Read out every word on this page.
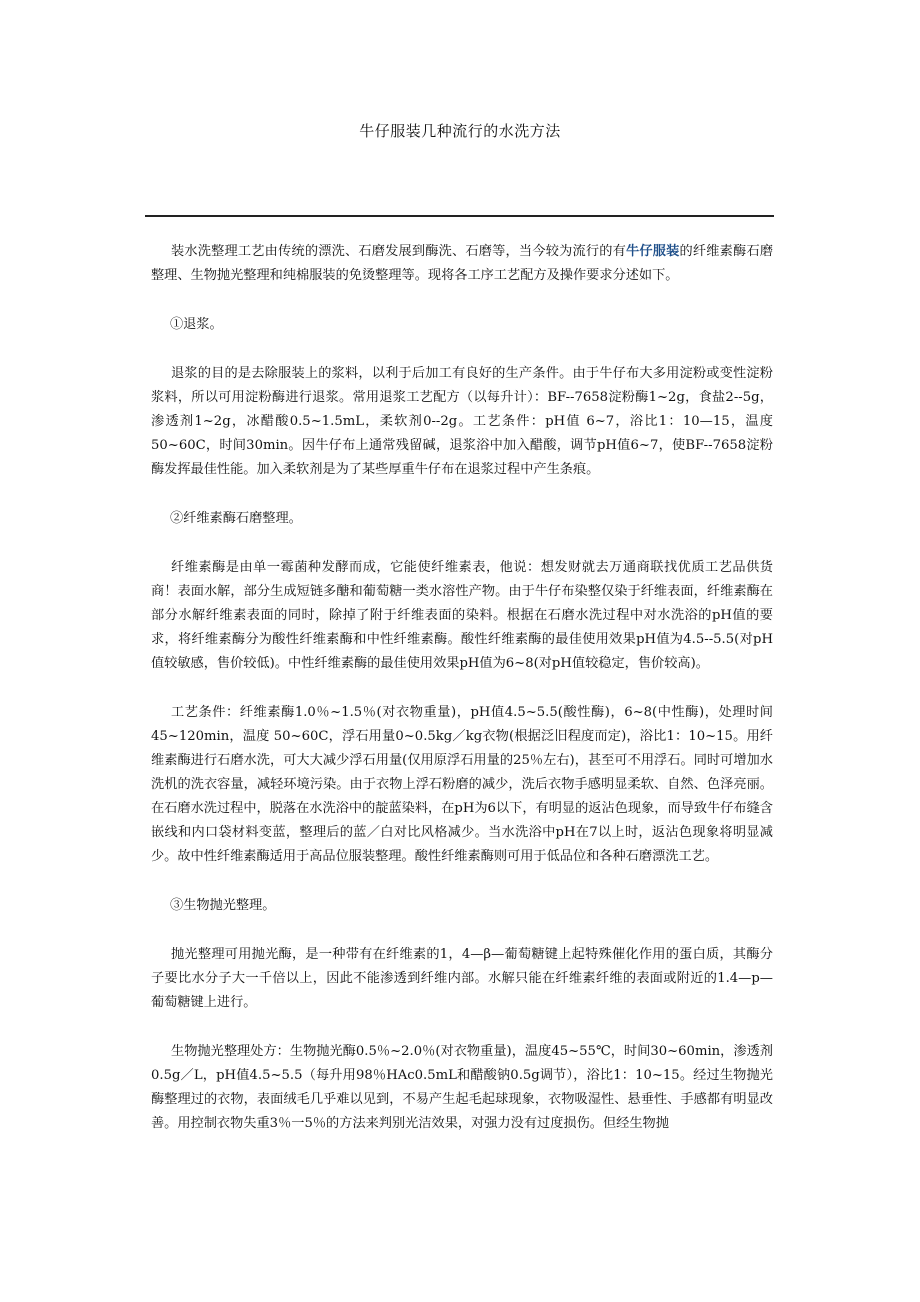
牛仔服装几种流行的水洗方法

装水洗整理工艺由传统的漂洗、石磨发展到酶洗、石磨等，当今较为流行的有牛仔服装的纤维素酶石磨整理、生物抛光整理和纯棉服装的免烫整理等。现将各工序工艺配方及操作要求分述如下。

①退浆。

退浆的目的是去除服装上的浆料，以利于后加工有良好的生产条件。由于牛仔布大多用淀粉或变性淀粉浆料，所以可用淀粉酶进行退浆。常用退浆工艺配方（以每升计）：BF--7658淀粉酶1~2g，食盐2--5g，渗透剂1~2g，冰醋酸0.5~1.5mL，柔软剂0--2g。工艺条件：pH值 6~7，浴比1：10—15，温度50~60C，时间30min。因牛仔布上通常残留碱，退浆浴中加入醋酸，调节pH值6~7，使BF--7658淀粉酶发挥最佳性能。加入柔软剂是为了某些厚重牛仔布在退浆过程中产生条痕。

②纤维素酶石磨整理。

纤维素酶是由单一霉菌种发酵而成，它能使纤维素表，他说：想发财就去万通商联找优质工艺品供货商！表面水解，部分生成短链多醣和葡萄糖一类水溶性产物。由于牛仔布染整仅染于纤维表面，纤维素酶在部分水解纤维素表面的同时，除掉了附于纤维表面的染料。根据在石磨水洗过程中对水洗浴的pH值的要求，将纤维素酶分为酸性纤维素酶和中性纤维素酶。酸性纤维素酶的最佳使用效果pH值为4.5--5.5(对pH值较敏感，售价较低)。中性纤维素酶的最佳使用效果pH值为6~8(对pH值较稳定，售价较高)。

工艺条件：纤维素酶1.0％~1.5％(对衣物重量)，pH值4.5~5.5(酸性酶)，6~8(中性酶)，处理时间45~120min，温度 50~60C，浮石用量0~0.5kg／kg衣物(根据泛旧程度而定)，浴比1：10~15。用纤维素酶进行石磨水洗，可大大减少浮石用量(仅用原浮石用量的25％左右)，甚至可不用浮石。同时可增加水洗机的洗衣容量，减轻环境污染。由于衣物上浮石粉磨的减少，洗后衣物手感明显柔软、自然、色泽亮丽。在石磨水洗过程中，脱落在水洗浴中的靛蓝染料，在pH为6以下，有明显的返沾色现象，而导致牛仔布缝含嵌线和内口袋材料变蓝，整理后的蓝／白对比风格减少。当水洗浴中pH在7以上时，返沾色现象将明显减少。故中性纤维素酶适用于高品位服装整理。酸性纤维素酶则可用于低品位和各种石磨漂洗工艺。

③生物抛光整理。

抛光整理可用抛光酶，是一种带有在纤维素的1，4—β—葡萄糖键上起特殊催化作用的蛋白质，其酶分子要比水分子大一千倍以上，因此不能渗透到纤维内部。水解只能在纤维素纤维的表面或附近的1.4—p—葡萄糖键上进行。

生物抛光整理处方：生物抛光酶0.5％~2.0％(对衣物重量)，温度45~55℃，时间30~60min，渗透剂0.5g／L，pH值4.5~5.5（每升用98％HAc0.5mL和醋酸钠0.5g调节），浴比1：10~15。经过生物抛光酶整理过的衣物，表面绒毛几乎难以见到，不易产生起毛起球现象，衣物吸湿性、悬垂性、手感都有明显改善。用控制衣物失重3％一5％的方法来判别光洁效果，对强力没有过度损伤。但经生物抛
